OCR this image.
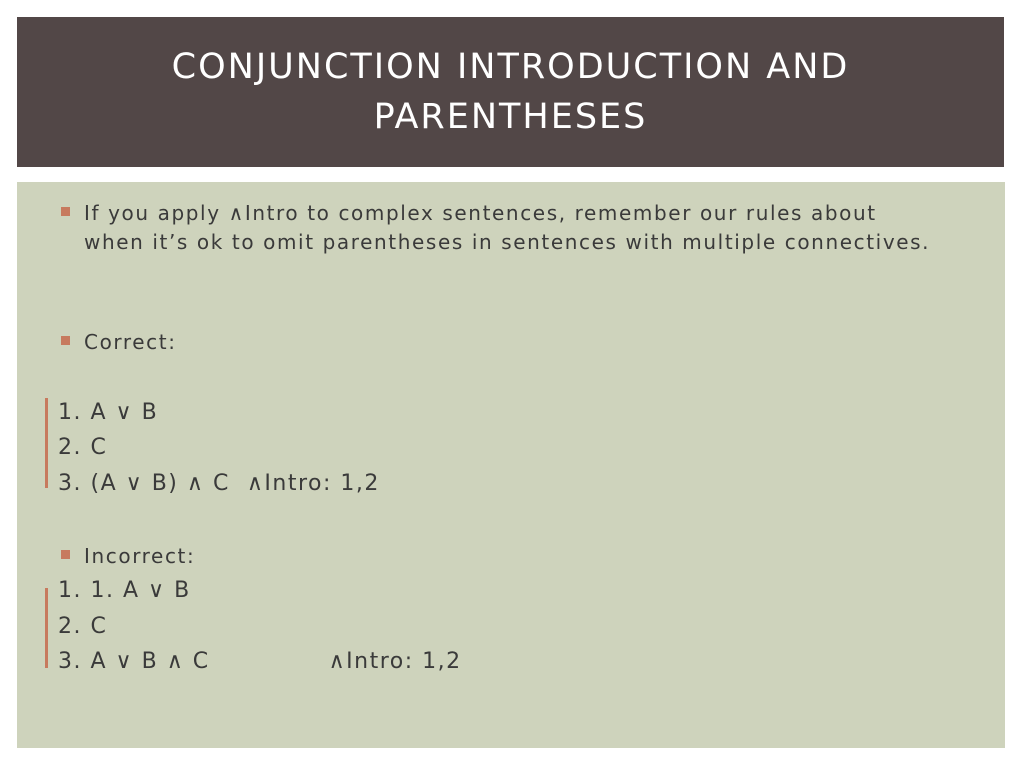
CONJUNCTION INTRODUCTION AND
PARENTHESES
If you apply ∧Intro to complex sentences, remember our rules about when it’s ok to omit parentheses in sentences with multiple connectives.
Correct:
1. A ∨ B
2. C
3. (A ∨ B) ∧ C  ∧Intro: 1,2
Incorrect:
1. 1. A ∨ B
2. C
3. A ∨ B ∧ C              ∧Intro: 1,2
